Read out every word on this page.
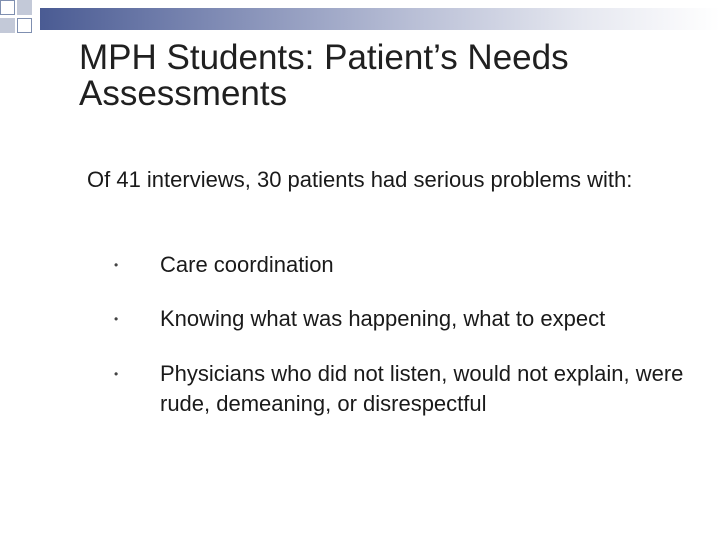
MPH Students: Patient’s Needs Assessments

Of 41 interviews, 30 patients had serious problems with:

• Care coordination
• Knowing what was happening, what to expect
• Physicians who did not listen, would not explain, were rude, demeaning, or disrespectful
